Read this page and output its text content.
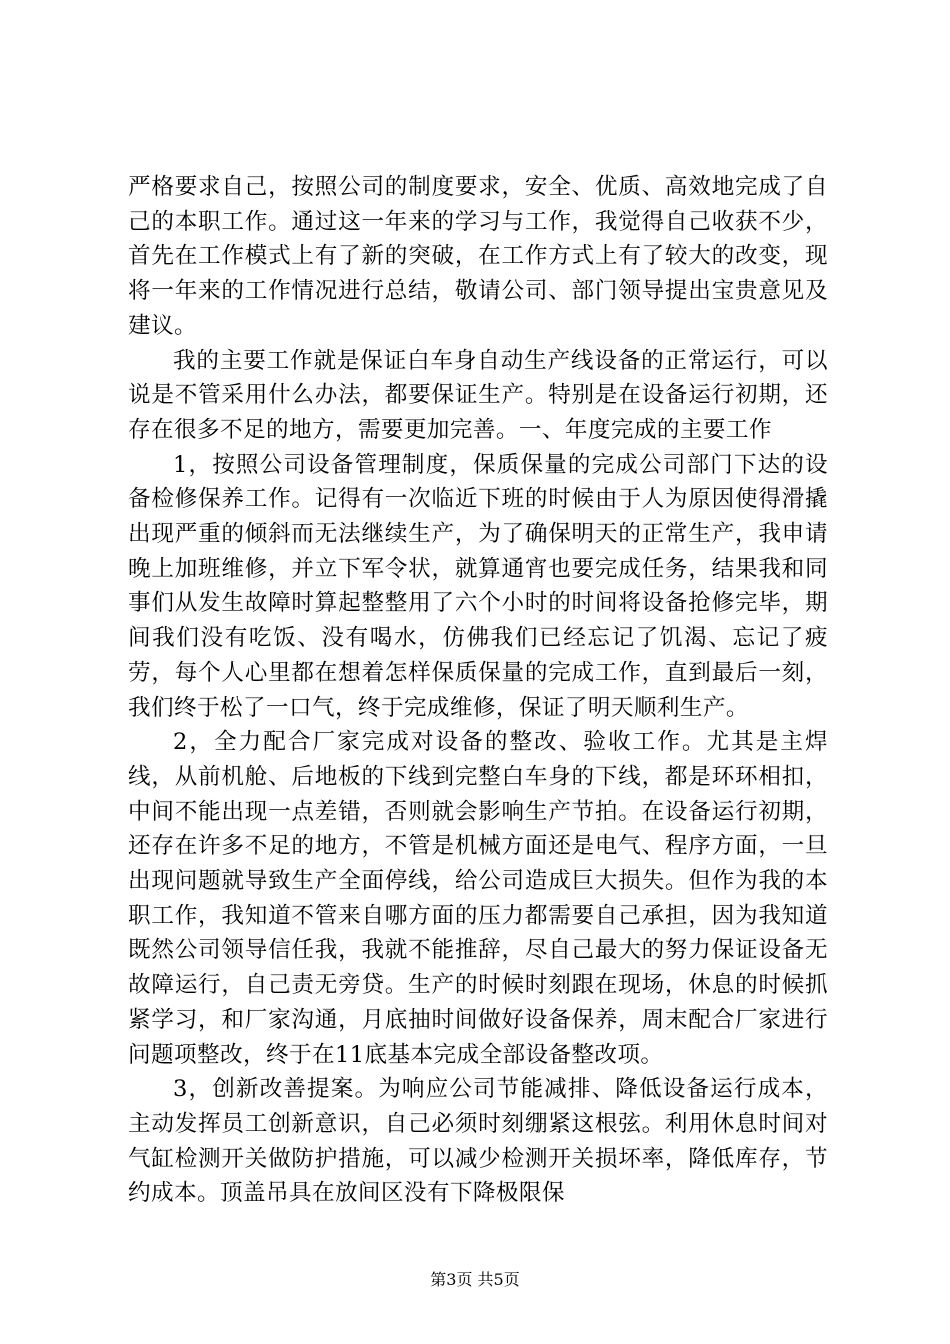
严格要求自己，按照公司的制度要求，安全、优质、高效地完成了自己的本职工作。通过这一年来的学习与工作，我觉得自己收获不少，首先在工作模式上有了新的突破，在工作方式上有了较大的改变，现将一年来的工作情况进行总结，敬请公司、部门领导提出宝贵意见及建议。

我的主要工作就是保证白车身自动生产线设备的正常运行，可以说是不管采用什么办法，都要保证生产。特别是在设备运行初期，还存在很多不足的地方，需要更加完善。一、年度完成的主要工作

1，按照公司设备管理制度，保质保量的完成公司部门下达的设备检修保养工作。记得有一次临近下班的时候由于人为原因使得滑撬出现严重的倾斜而无法继续生产，为了确保明天的正常生产，我申请晚上加班维修，并立下军令状，就算通宵也要完成任务，结果我和同事们从发生故障时算起整整用了六个小时的时间将设备抢修完毕，期间我们没有吃饭、没有喝水，仿佛我们已经忘记了饥渴、忘记了疲劳，每个人心里都在想着怎样保质保量的完成工作，直到最后一刻，我们终于松了一口气，终于完成维修，保证了明天顺利生产。

2，全力配合厂家完成对设备的整改、验收工作。尤其是主焊线，从前机舱、后地板的下线到完整白车身的下线，都是环环相扣，中间不能出现一点差错，否则就会影响生产节拍。在设备运行初期，还存在许多不足的地方，不管是机械方面还是电气、程序方面，一旦出现问题就导致生产全面停线，给公司造成巨大损失。但作为我的本职工作，我知道不管来自哪方面的压力都需要自己承担，因为我知道既然公司领导信任我，我就不能推辞，尽自己最大的努力保证设备无故障运行，自己责无旁贷。生产的时候时刻跟在现场，休息的时候抓紧学习，和厂家沟通，月底抽时间做好设备保养，周末配合厂家进行问题项整改，终于在11底基本完成全部设备整改项。

3，创新改善提案。为响应公司节能减排、降低设备运行成本，主动发挥员工创新意识，自己必须时刻绷紧这根弦。利用休息时间对气缸检测开关做防护措施，可以减少检测开关损坏率，降低库存，节约成本。顶盖吊具在放间区没有下降极限保

第3页 共5页
